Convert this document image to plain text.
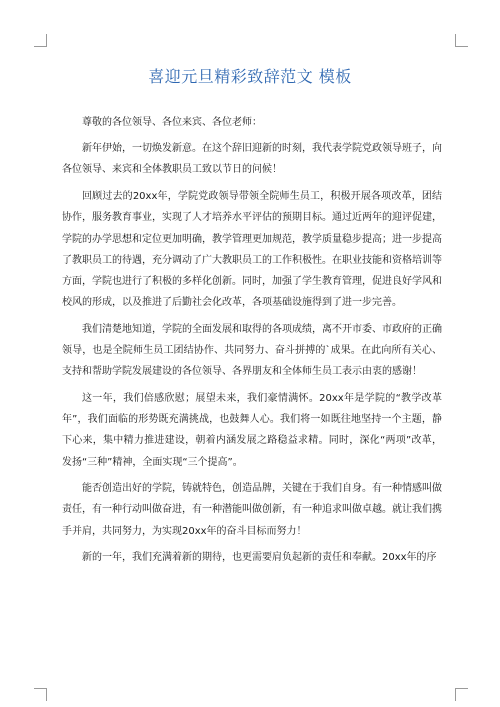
喜迎元旦精彩致辞范文 模板

尊敬的各位领导、各位来宾、各位老师：

新年伊始，一切焕发新意。在这个辞旧迎新的时刻，我代表学院党政领导班子，向各位领导、来宾和全体教职员工致以节日的问候！

回顾过去的20xx年，学院党政领导带领全院师生员工，积极开展各项改革，团结协作，服务教育事业，实现了人才培养水平评估的预期目标。通过近两年的迎评促建，学院的办学思想和定位更加明确，教学管理更加规范，教学质量稳步提高；进一步提高了教职员工的待遇，充分调动了广大教职员工的工作积极性。在职业技能和资格培训等方面，学院也进行了积极的多样化创新。同时，加强了学生教育管理，促进良好学风和校风的形成，以及推进了后勤社会化改革，各项基础设施得到了进一步完善。

我们清楚地知道，学院的全面发展和取得的各项成绩，离不开市委、市政府的正确领导，也是全院师生员工团结协作、共同努力、奋斗拼搏的`成果。在此向所有关心、支持和帮助学院发展建设的各位领导、各界朋友和全体师生员工表示由衷的感谢！

这一年，我们倍感欣慰；展望未来，我们豪情满怀。20xx年是学院的“教学改革年”，我们面临的形势既充满挑战，也鼓舞人心。我们将一如既往地坚持一个主题，静下心来，集中精力推进建设，朝着内涵发展之路稳益求精。同时，深化“两项”改革，发扬“三种”精神，全面实现“三个提高”。

能否创造出好的学院，铸就特色，创造品牌，关键在于我们自身。有一种情感叫做责任，有一种行动叫做奋进，有一种潜能叫做创新，有一种追求叫做卓越。就让我们携手并肩，共同努力，为实现20xx年的奋斗目标而努力！

新的一年，我们充满着新的期待，也更需要肩负起新的责任和奉献。20xx年的序
